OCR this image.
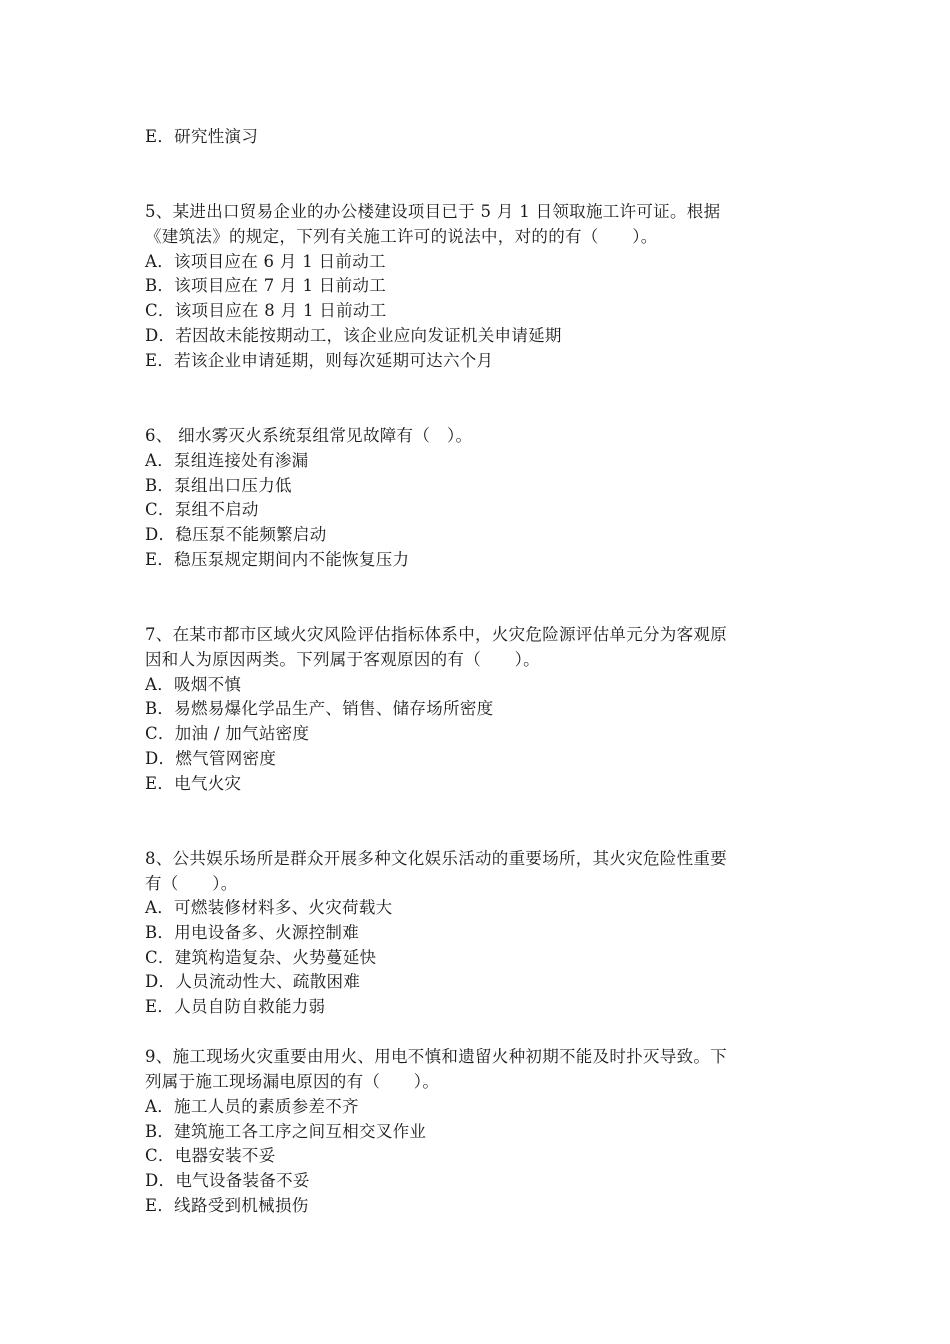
E．研究性演习
5、某进出口贸易企业的办公楼建设项目已于 5 月 1 日领取施工许可证。根据
《建筑法》的规定，下列有关施工许可的说法中，对的的有（　　）。
A．该项目应在 6 月 1 日前动工
B．该项目应在 7 月 1 日前动工
C．该项目应在 8 月 1 日前动工
D．若因故未能按期动工，该企业应向发证机关申请延期
E．若该企业申请延期，则每次延期可达六个月
6、 细水雾灭火系统泵组常见故障有（　）。
A．泵组连接处有渗漏
B．泵组出口压力低
C．泵组不启动
D．稳压泵不能频繁启动
E．稳压泵规定期间内不能恢复压力
7、在某市都市区域火灾风险评估指标体系中，火灾危险源评估单元分为客观原
因和人为原因两类。下列属于客观原因的有（　　）。
A．吸烟不慎
B．易燃易爆化学品生产、销售、储存场所密度
C．加油 / 加气站密度
D．燃气管网密度
E．电气火灾
8、公共娱乐场所是群众开展多种文化娱乐活动的重要场所，其火灾危险性重要
有（　　）。
A．可燃装修材料多、火灾荷载大
B．用电设备多、火源控制难
C．建筑构造复杂、火势蔓延快
D．人员流动性大、疏散困难
E．人员自防自救能力弱
9、施工现场火灾重要由用火、用电不慎和遗留火种初期不能及时扑灭导致。下
列属于施工现场漏电原因的有（　　）。
A．施工人员的素质参差不齐
B．建筑施工各工序之间互相交叉作业
C．电器安装不妥
D．电气设备装备不妥
E．线路受到机械损伤
